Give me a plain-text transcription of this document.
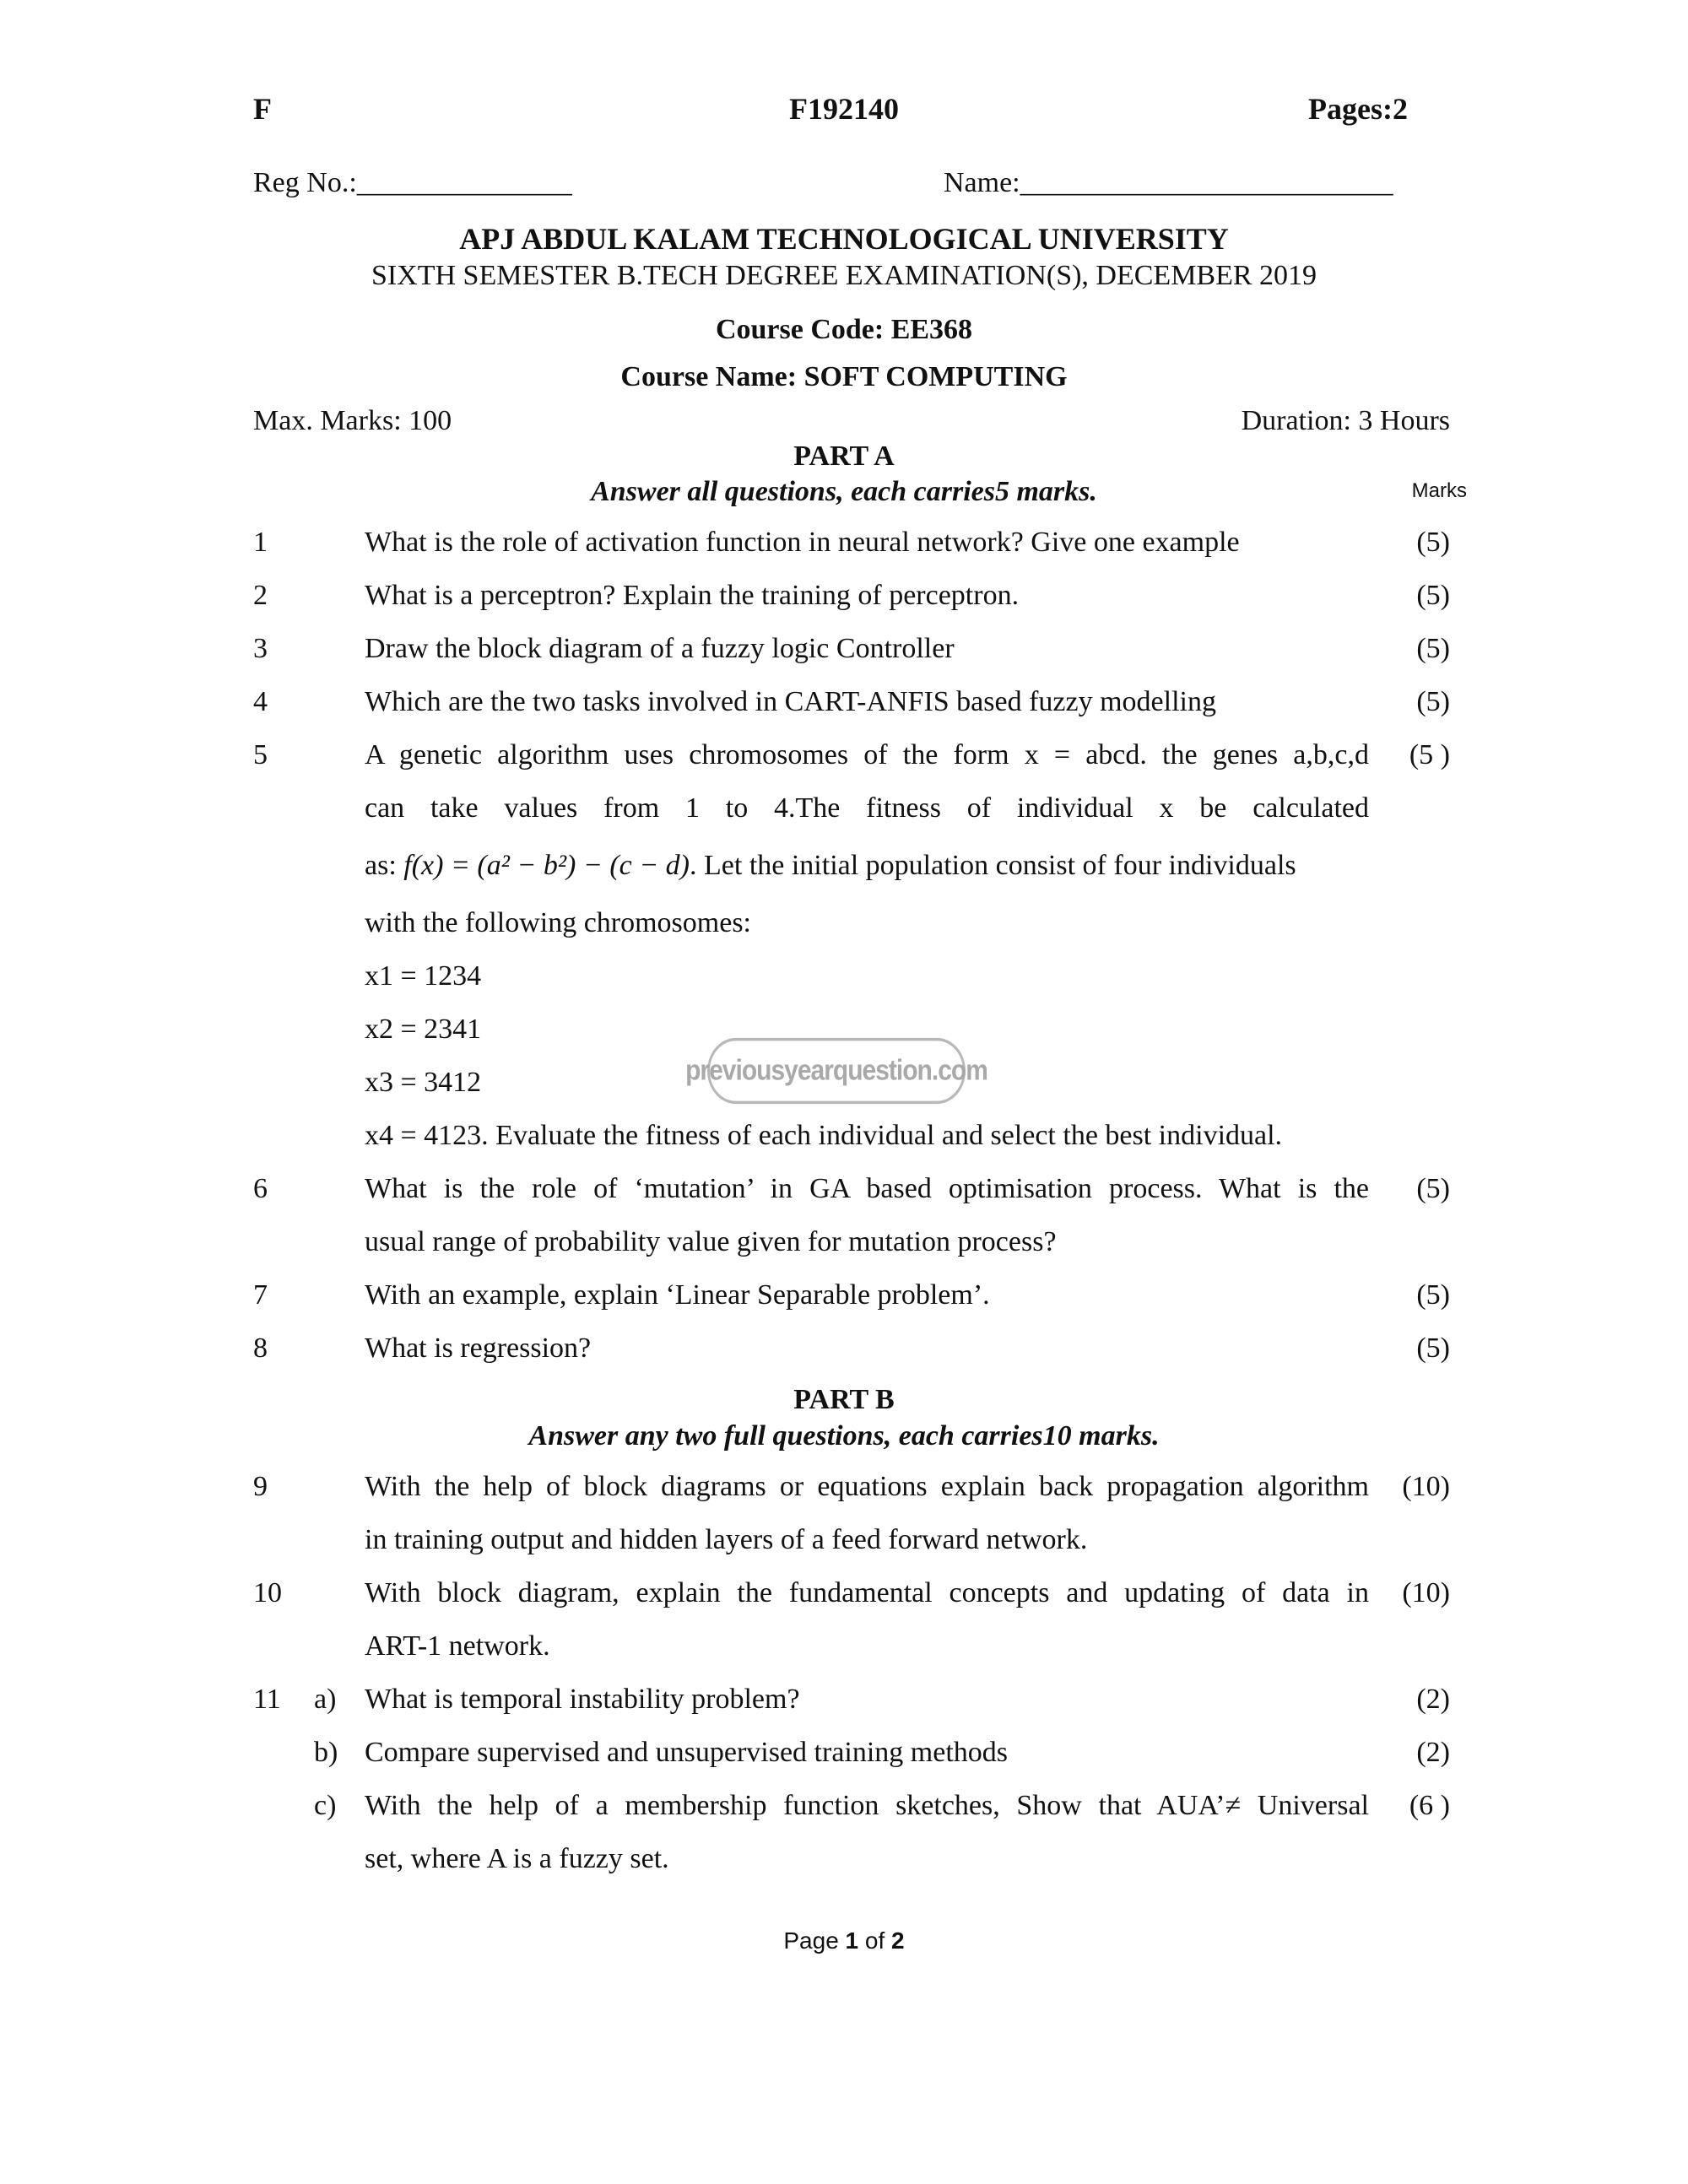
F	F192140	Pages:2
Reg No.:_______________	Name:__________________________
APJ ABDUL KALAM TECHNOLOGICAL UNIVERSITY
SIXTH SEMESTER B.TECH DEGREE EXAMINATION(S), DECEMBER 2019
Course Code: EE368
Course Name: SOFT COMPUTING
Max. Marks: 100	Duration: 3 Hours
PART A
Answer all questions, each carries5 marks.	Marks
1	What is the role of activation function in neural network? Give one example	(5)
2	What is a perceptron? Explain the training of perceptron.	(5)
3	Draw the block diagram of a fuzzy logic Controller	(5)
4	Which are the two tasks involved in CART-ANFIS based fuzzy modelling	(5)
5	A genetic algorithm uses chromosomes of the form x = abcd. the genes a,b,c,d (5 )
can take values from 1 to 4.The fitness of individual x be calculated
as: f(x) = (a² − b²) − (c − d). Let the initial population consist of four individuals
with the following chromosomes:
x1 = 1234
x2 = 2341
x3 = 3412
x4 = 4123. Evaluate the fitness of each individual and select the best individual.
previousyearquestion.com
6	What is the role of ‘mutation’ in GA based optimisation process. What is the (5)
usual range of probability value given for mutation process?
7	With an example, explain ‘Linear Separable problem’.	(5)
8	What is regression?	(5)
PART B
Answer any two full questions, each carries10 marks.
9	With the help of block diagrams or equations explain back propagation algorithm (10)
in training output and hidden layers of a feed forward network.
10	With block diagram, explain the fundamental concepts and updating of data in (10)
ART-1 network.
11 a) What is temporal instability problem?	(2)
b) Compare supervised and unsupervised training methods	(2)
c) With the help of a membership function sketches, Show that AUA’≠ Universal (6 )
set, where A is a fuzzy set.
Page 1 of 2
